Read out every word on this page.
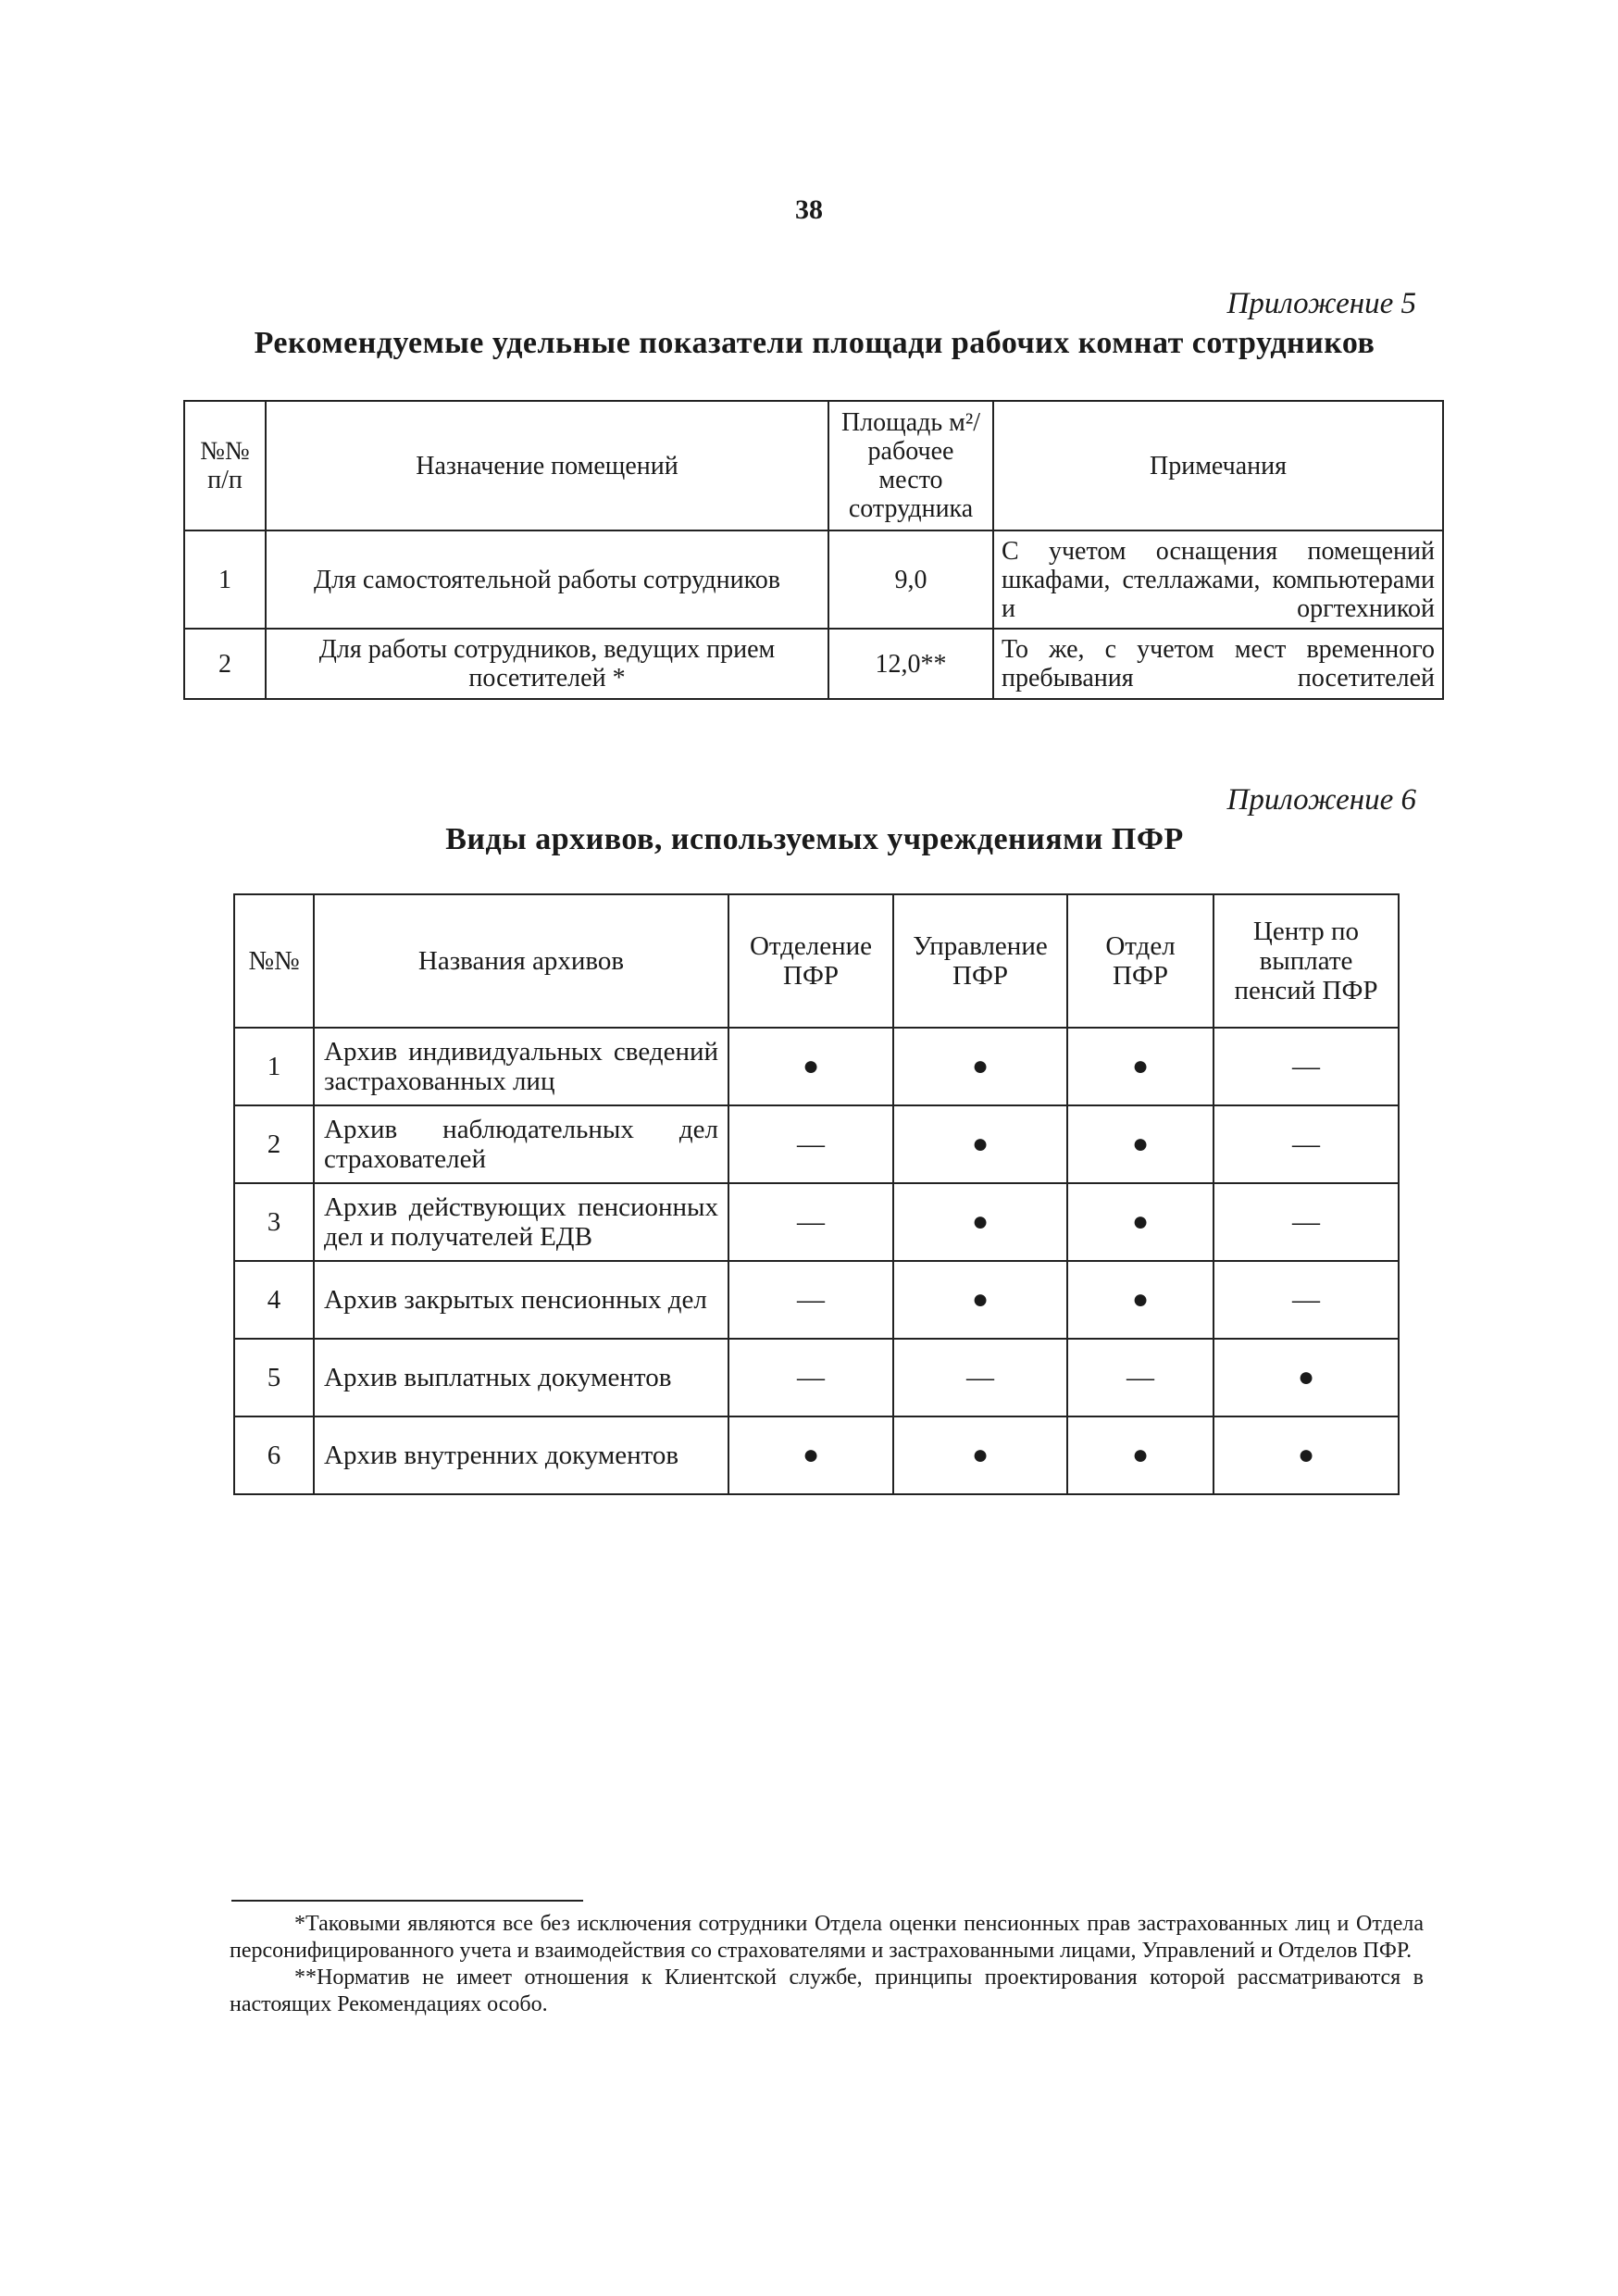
38
Приложение 5
Рекомендуемые удельные показатели площади рабочих комнат сотрудников
№№ п/п	Назначение помещений	Площадь м²/рабочее место сотрудника	Примечания
1	Для самостоятельной работы сотрудников	9,0	С учетом оснащения помещений шкафами, стеллажами, компьютерами и оргтехникой
2	Для работы сотрудников, ведущих прием посетителей *	12,0**	То же, с учетом мест временного пребывания посетителей
Приложение 6
Виды архивов, используемых учреждениями ПФР
№№	Названия архивов	Отделение ПФР	Управление ПФР	Отдел ПФР	Центр по выплате пенсий ПФР
1	Архив индивидуальных сведений застрахованных лиц	●	●	●	—
2	Архив наблюдательных дел страхователей	—	●	●	—
3	Архив действующих пенсионных дел и получателей ЕДВ	—	●	●	—
4	Архив закрытых пенсионных дел	—	●	●	—
5	Архив выплатных документов	—	—	—	●
6	Архив внутренних документов	●	●	●	●

*Таковыми являются все без исключения сотрудники Отдела оценки пенсионных прав застрахованных лиц и Отдела персонифицированного учета и взаимодействия со страхователями и застрахованными лицами, Управлений и Отделов ПФР.

**Норматив не имеет отношения к Клиентской службе, принципы проектирования которой рассматриваются в настоящих Рекомендациях особо.
